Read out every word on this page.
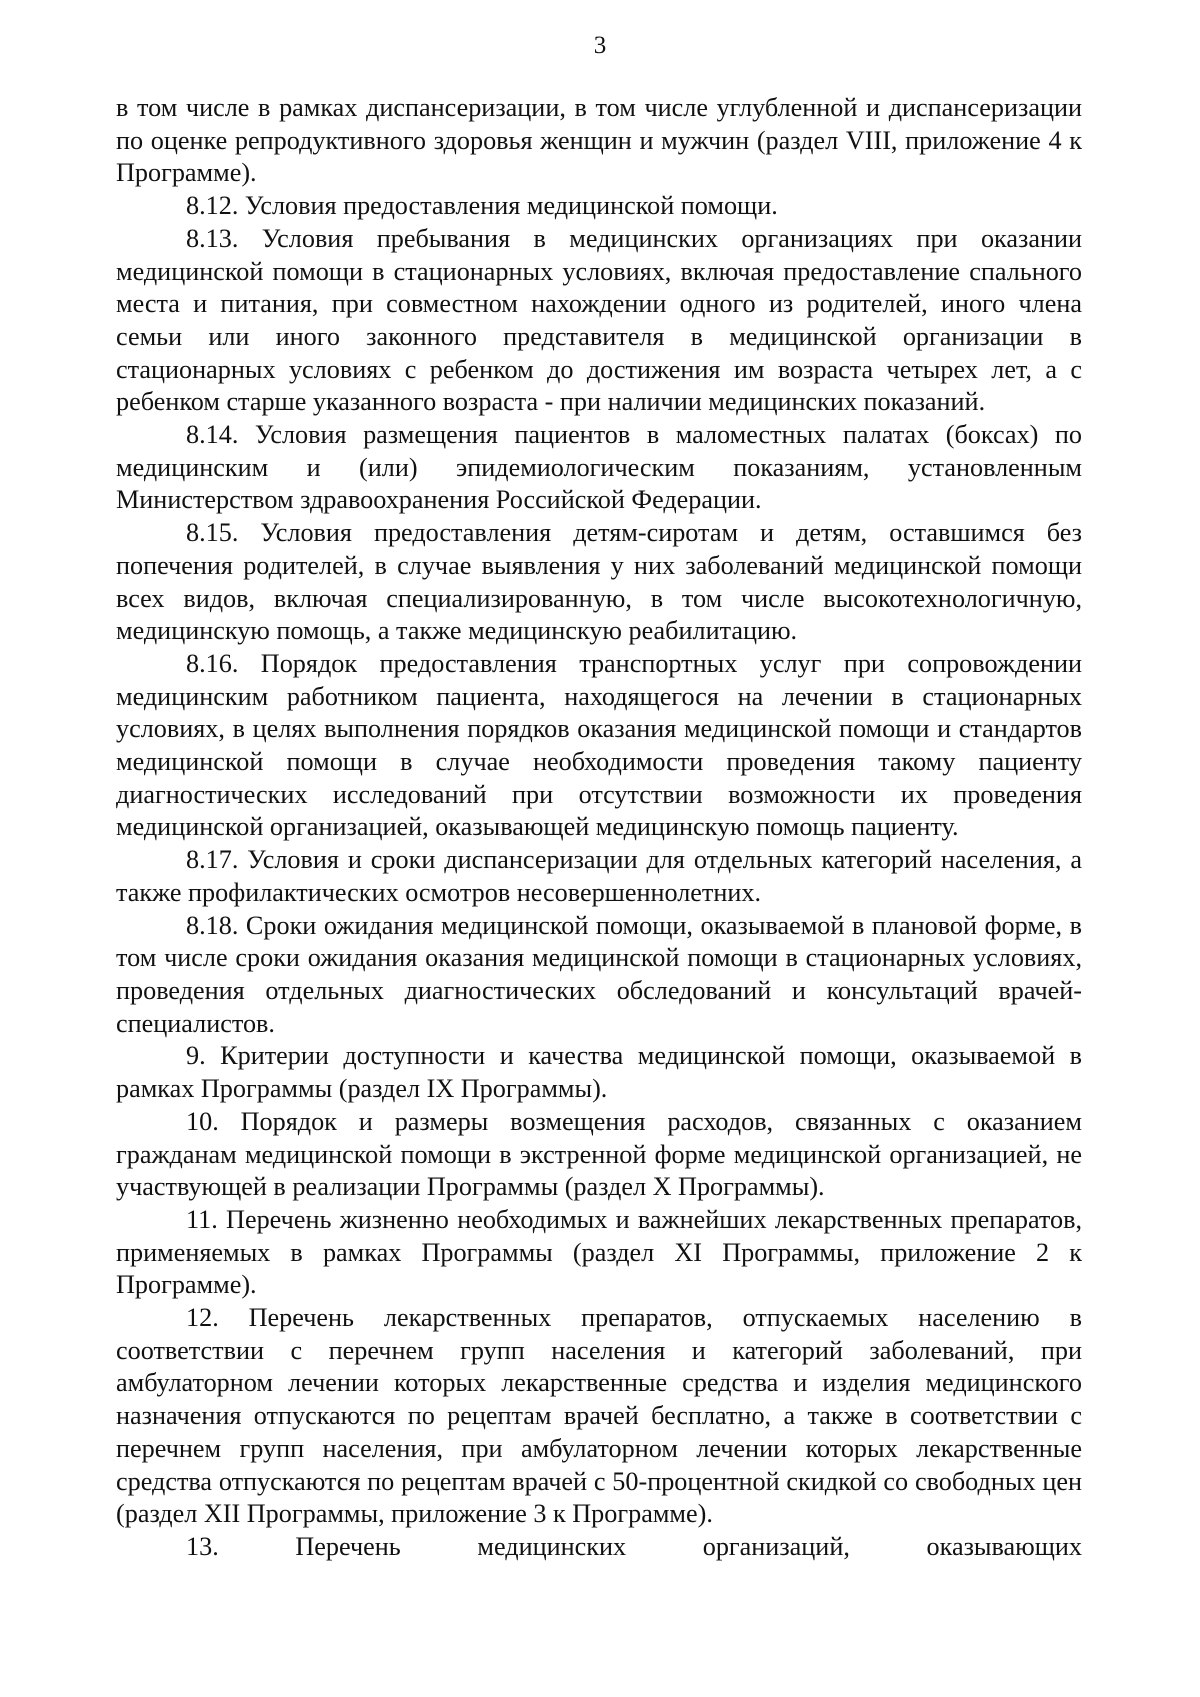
3

в том числе в рамках диспансеризации, в том числе углубленной и диспансеризации по оценке репродуктивного здоровья женщин и мужчин (раздел VIII, приложение 4 к Программе).

8.12. Условия предоставления медицинской помощи.

8.13. Условия пребывания в медицинских организациях при оказании медицинской помощи в стационарных условиях, включая предоставление спального места и питания, при совместном нахождении одного из родителей, иного члена семьи или иного законного представителя в медицинской организации в стационарных условиях с ребенком до достижения им возраста четырех лет, а с ребенком старше указанного возраста - при наличии медицинских показаний.

8.14. Условия размещения пациентов в маломестных палатах (боксах) по медицинским и (или) эпидемиологическим показаниям, установленным Министерством здравоохранения Российской Федерации.

8.15. Условия предоставления детям-сиротам и детям, оставшимся без попечения родителей, в случае выявления у них заболеваний медицинской помощи всех видов, включая специализированную, в том числе высокотехнологичную, медицинскую помощь, а также медицинскую реабилитацию.

8.16. Порядок предоставления транспортных услуг при сопровождении медицинским работником пациента, находящегося на лечении в стационарных условиях, в целях выполнения порядков оказания медицинской помощи и стандартов медицинской помощи в случае необходимости проведения такому пациенту диагностических исследований при отсутствии возможности их проведения медицинской организацией, оказывающей медицинскую помощь пациенту.

8.17. Условия и сроки диспансеризации для отдельных категорий населения, а также профилактических осмотров несовершеннолетних.

8.18. Сроки ожидания медицинской помощи, оказываемой в плановой форме, в том числе сроки ожидания оказания медицинской помощи в стационарных условиях, проведения отдельных диагностических обследований и консультаций врачей-специалистов.

9. Критерии доступности и качества медицинской помощи, оказываемой в рамках Программы (раздел IX Программы).

10. Порядок и размеры возмещения расходов, связанных с оказанием гражданам медицинской помощи в экстренной форме медицинской организацией, не участвующей в реализации Программы (раздел X Программы).

11. Перечень жизненно необходимых и важнейших лекарственных препаратов, применяемых в рамках Программы (раздел XI Программы, приложение 2 к Программе).

12. Перечень лекарственных препаратов, отпускаемых населению в соответствии с перечнем групп населения и категорий заболеваний, при амбулаторном лечении которых лекарственные средства и изделия медицинского назначения отпускаются по рецептам врачей бесплатно, а также в соответствии с перечнем групп населения, при амбулаторном лечении которых лекарственные средства отпускаются по рецептам врачей с 50-процентной скидкой со свободных цен (раздел XII Программы, приложение 3 к Программе).

13. Перечень медицинских организаций, оказывающих
